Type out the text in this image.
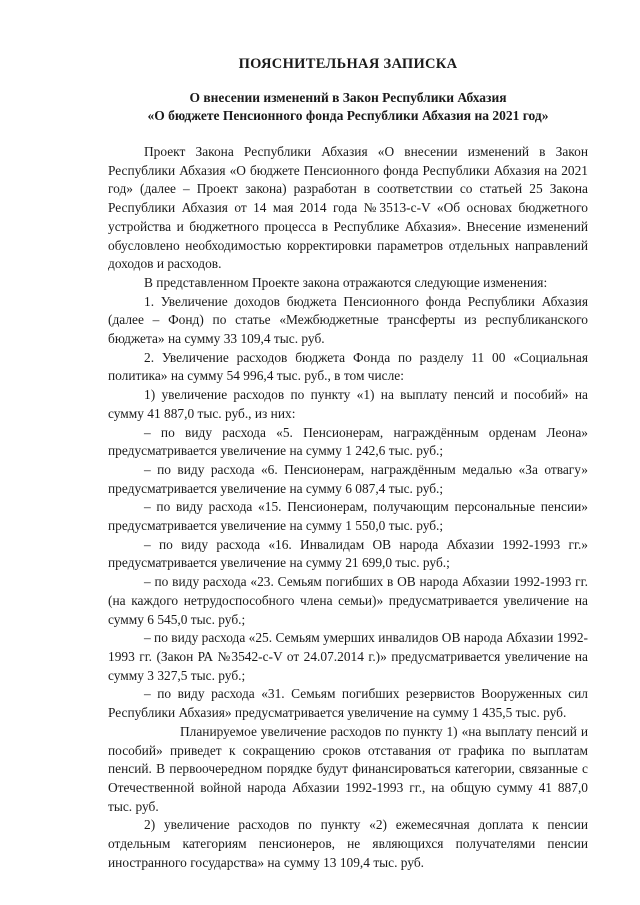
ПОЯСНИТЕЛЬНАЯ ЗАПИСКА
О внесении изменений в Закон Республики Абхазия
«О бюджете Пенсионного фонда Республики Абхазия на 2021 год»

Проект Закона Республики Абхазия «О внесении изменений в Закон Республики Абхазия «О бюджете Пенсионного фонда Республики Абхазия на 2021 год» (далее – Проект закона) разработан в соответствии со статьей 25 Закона Республики Абхазия от 14 мая 2014 года №3513-с-V «Об основах бюджетного устройства и бюджетного процесса в Республике Абхазия». Внесение изменений обусловлено необходимостью корректировки параметров отдельных направлений доходов и расходов.

В представленном Проекте закона отражаются следующие изменения:

1. Увеличение доходов бюджета Пенсионного фонда Республики Абхазия (далее – Фонд) по статье «Межбюджетные трансферты из республиканского бюджета» на сумму 33 109,4 тыс. руб.

2. Увеличение расходов бюджета Фонда по разделу 11 00 «Социальная политика» на сумму 54 996,4 тыс. руб., в том числе:

1) увеличение расходов по пункту «1) на выплату пенсий и пособий» на сумму 41 887,0 тыс. руб., из них:

– по виду расхода «5. Пенсионерам, награждённым орденам Леона» предусматривается увеличение на сумму 1 242,6 тыс. руб.;

– по виду расхода «6. Пенсионерам, награждённым медалью «За отвагу» предусматривается увеличение на сумму 6 087,4 тыс. руб.;

– по виду расхода «15. Пенсионерам, получающим персональные пенсии» предусматривается увеличение на сумму 1 550,0 тыс. руб.;

– по виду расхода «16. Инвалидам ОВ народа Абхазии 1992-1993 гг.» предусматривается увеличение на сумму 21 699,0 тыс. руб.;

– по виду расхода «23. Семьям погибших в ОВ народа Абхазии 1992-1993 гг. (на каждого нетрудоспособного члена семьи)» предусматривается увеличение на сумму 6 545,0 тыс. руб.;

– по виду расхода «25. Семьям умерших инвалидов ОВ народа Абхазии 1992-1993 гг. (Закон РА №3542-с-V от 24.07.2014 г.)» предусматривается увеличение на сумму 3 327,5 тыс. руб.;

– по виду расхода «31. Семьям погибших резервистов Вооруженных сил Республики Абхазия» предусматривается увеличение на сумму 1 435,5 тыс. руб.

Планируемое увеличение расходов по пункту 1) «на выплату пенсий и пособий» приведет к сокращению сроков отставания от графика по выплатам пенсий. В первоочередном порядке будут финансироваться категории, связанные с Отечественной войной народа Абхазии 1992-1993 гг., на общую сумму 41 887,0 тыс. руб.

2) увеличение расходов по пункту «2) ежемесячная доплата к пенсии отдельным категориям пенсионеров, не являющихся получателями пенсии иностранного государства» на сумму 13 109,4 тыс. руб.
